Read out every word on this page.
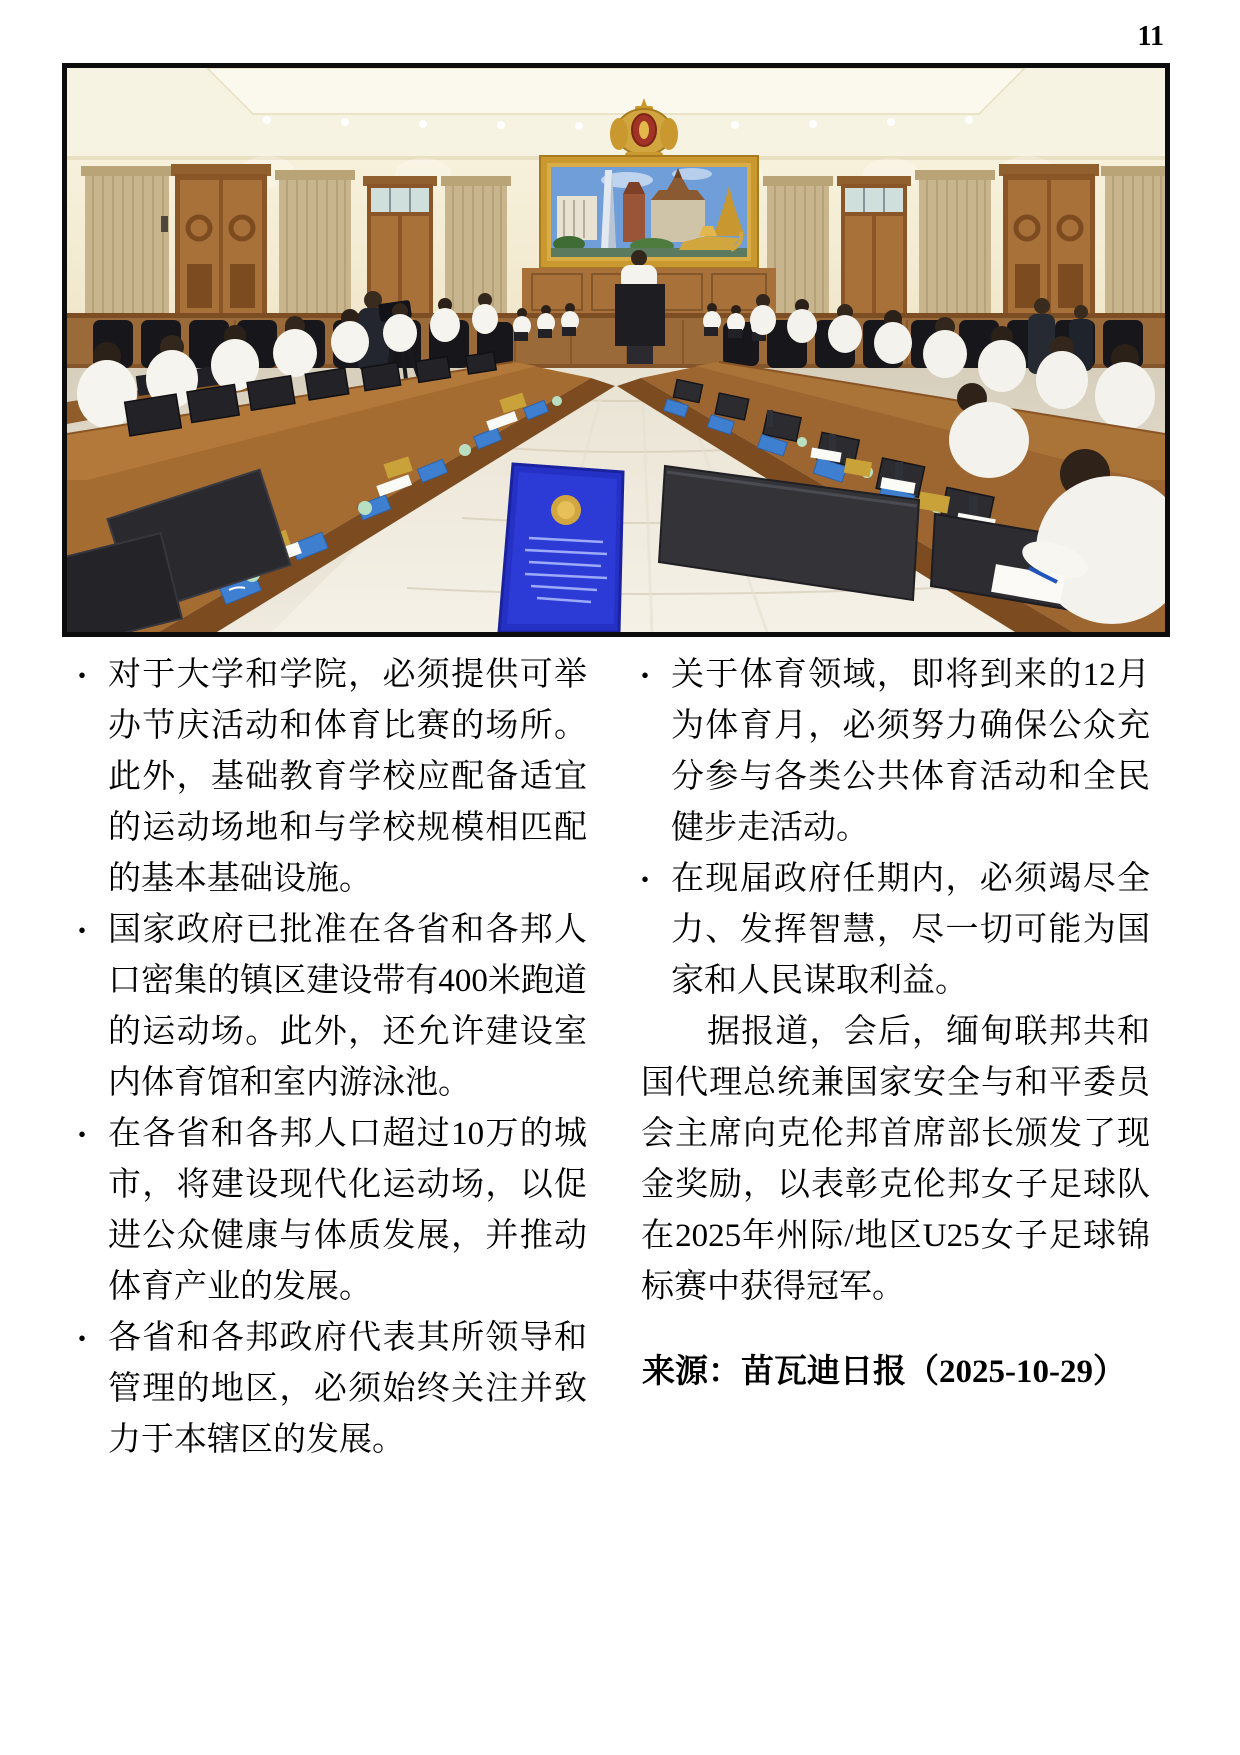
11
• 对于大学和学院，必须提供可举办节庆活动和体育比赛的场所。此外，基础教育学校应配备适宜的运动场地和与学校规模相匹配的基本基础设施。
• 国家政府已批准在各省和各邦人口密集的镇区建设带有400米跑道的运动场。此外，还允许建设室内体育馆和室内游泳池。
• 在各省和各邦人口超过10万的城市，将建设现代化运动场，以促进公众健康与体质发展，并推动体育产业的发展。
• 各省和各邦政府代表其所领导和管理的地区，必须始终关注并致力于本辖区的发展。
• 关于体育领域，即将到来的12月为体育月，必须努力确保公众充分参与各类公共体育活动和全民健步走活动。
• 在现届政府任期内，必须竭尽全力、发挥智慧，尽一切可能为国家和人民谋取利益。

据报道，会后，缅甸联邦共和国代理总统兼国家安全与和平委员会主席向克伦邦首席部长颁发了现金奖励，以表彰克伦邦女子足球队在2025年州际/地区U25女子足球锦标赛中获得冠军。

来源：苗瓦迪日报（2025-10-29）
